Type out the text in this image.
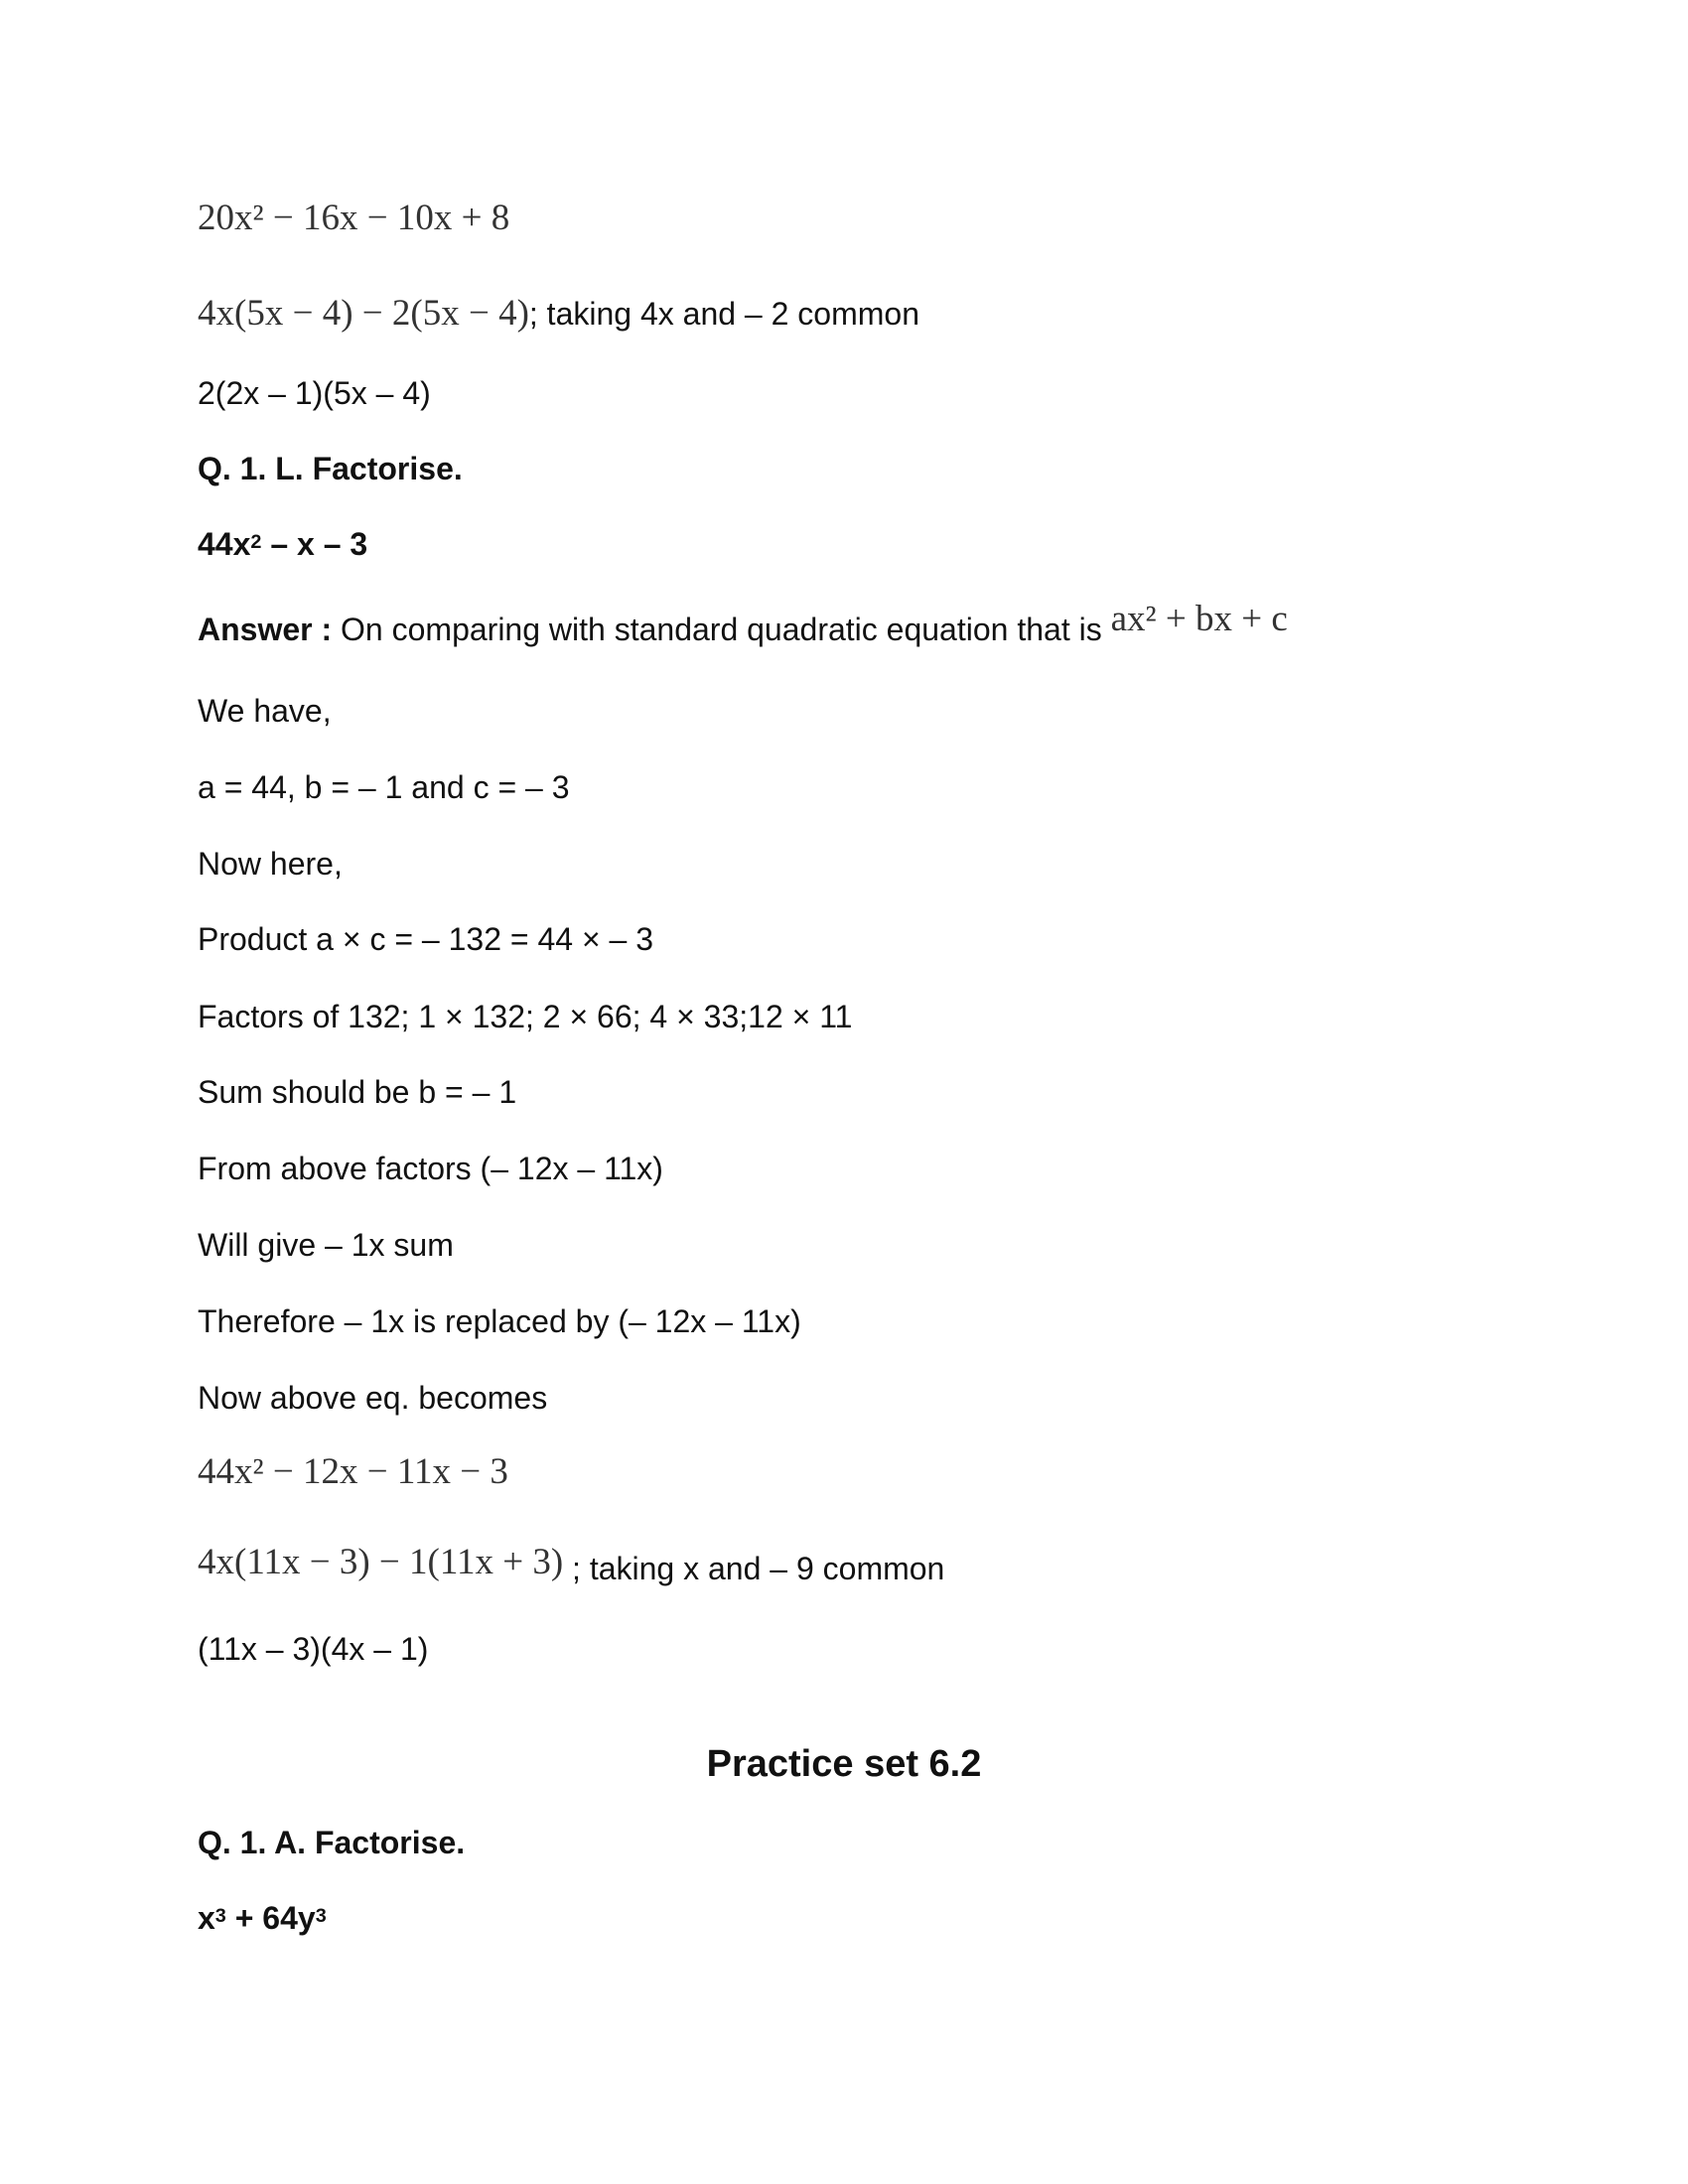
20x² − 16x − 10x + 8
4x(5x − 4) − 2(5x − 4); taking 4x and – 2 common
2(2x – 1)(5x – 4)
Q. 1. L. Factorise.
$44x^2$ – x – 3
Answer : On comparing with standard quadratic equation that is ax² + bx + c
We have,
a = 44, b = – 1 and c = – 3
Now here,
Product a × c = – 132 = 44 × – 3
Factors of 132; 1 × 132; 2 × 66; 4 × 33;12 × 11
Sum should be b = – 1
From above factors (– 12x – 11x)
Will give – 1x sum
Therefore – 1x is replaced by (– 12x – 11x)
Now above eq. becomes
44x² − 12x − 11x − 3
4x(11x − 3) − 1(11x + 3) ; taking x and – 9 common
(11x – 3)(4x – 1)
Practice set 6.2
Q. 1. A. Factorise.
$x^3 + 64y^3$
